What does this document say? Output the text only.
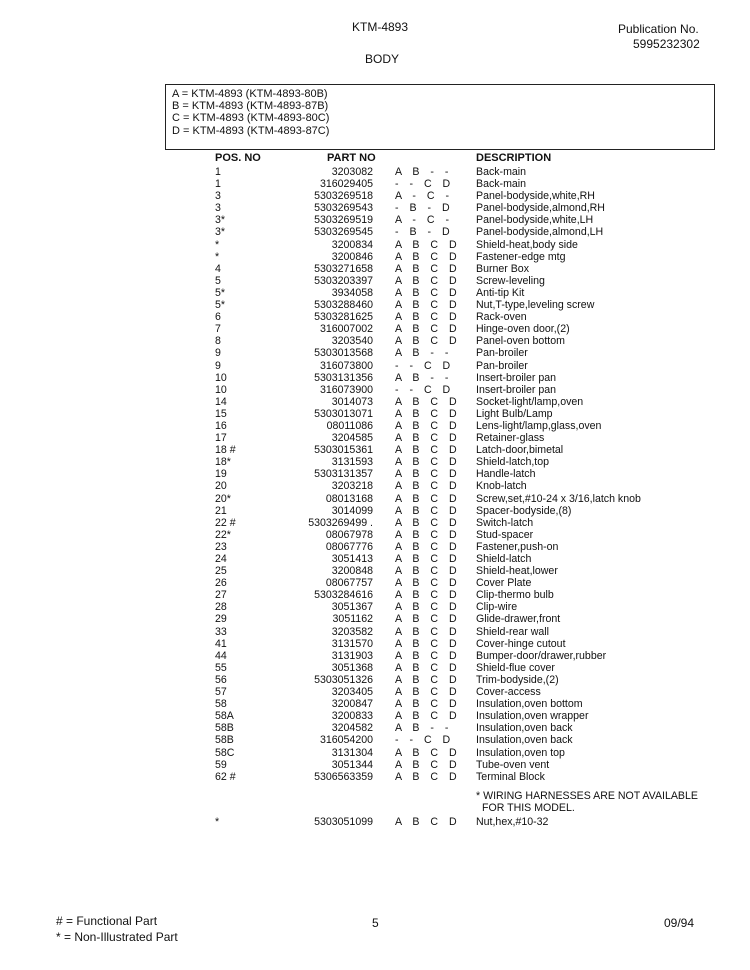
KTM-4893
BODY
Publication No.
5995232302
A = KTM-4893 (KTM-4893-80B)
B = KTM-4893 (KTM-4893-87B)
C = KTM-4893 (KTM-4893-80C)
D = KTM-4893 (KTM-4893-87C)
POS. NO	PART NO	DESCRIPTION
1	3203082 A B - - Back-main
1	316029405 - - C D Back-main
3	5303269518 A - C - Panel-bodyside,white,RH
3	5303269543 - B - D Panel-bodyside,almond,RH
3*	5303269519 A - C - Panel-bodyside,white,LH
3*	5303269545 - B - D Panel-bodyside,almond,LH
*	3200834 A B C D Shield-heat,body side
*	3200846 A B C D Fastener-edge mtg
4	5303271658 A B C D Burner Box
5	5303203397 A B C D Screw-leveling
5*	3934058 A B C D Anti-tip Kit
5*	5303288460 A B C D Nut,T-type,leveling screw
6	5303281625 A B C D Rack-oven
7	316007002 A B C D Hinge-oven door,(2)
8	3203540 A B C D Panel-oven bottom
9	5303013568 A B - - Pan-broiler
9	316073800 - - C D Pan-broiler
10	5303131356 A B - - Insert-broiler pan
10	316073900 - - C D Insert-broiler pan
14	3014073 A B C D Socket-light/lamp,oven
15	5303013071 A B C D Light Bulb/Lamp
16	08011086 A B C D Lens-light/lamp,glass,oven
17	3204585 A B C D Retainer-glass
18 #	5303015361 A B C D Latch-door,bimetal
18*	3131593 A B C D Shield-latch,top
19	5303131357 A B C D Handle-latch
20	3203218 A B C D Knob-latch
20*	08013168 A B C D Screw,set,#10-24 x 3/16,latch knob
21	3014099 A B C D Spacer-bodyside,(8)
22 #	5303269499 . A B C D Switch-latch
22*	08067978 A B C D Stud-spacer
23	08067776 A B C D Fastener,push-on
24	3051413 A B C D Shield-latch
25	3200848 A B C D Shield-heat,lower
26	08067757 A B C D Cover Plate
27	5303284616 A B C D Clip-thermo bulb
28	3051367 A B C D Clip-wire
29	3051162 A B C D Glide-drawer,front
33	3203582 A B C D Shield-rear wall
41	3131570 A B C D Cover-hinge cutout
44	3131903 A B C D Bumper-door/drawer,rubber
55	3051368 A B C D Shield-flue cover
56	5303051326 A B C D Trim-bodyside,(2)
57	3203405 A B C D Cover-access
58	3200847 A B C D Insulation,oven bottom
58A	3200833 A B C D Insulation,oven wrapper
58B	3204582 A B - - Insulation,oven back
58B	316054200 - - C D Insulation,oven back
58C	3131304 A B C D Insulation,oven top
59	3051344 A B C D Tube-oven vent
62 #	5306563359 A B C D Terminal Block
* WIRING HARNESSES ARE NOT AVAILABLE
FOR THIS MODEL.
*	5303051099 A B C D Nut,hex,#10-32
# = Functional Part
* = Non-Illustrated Part
5	09/94
